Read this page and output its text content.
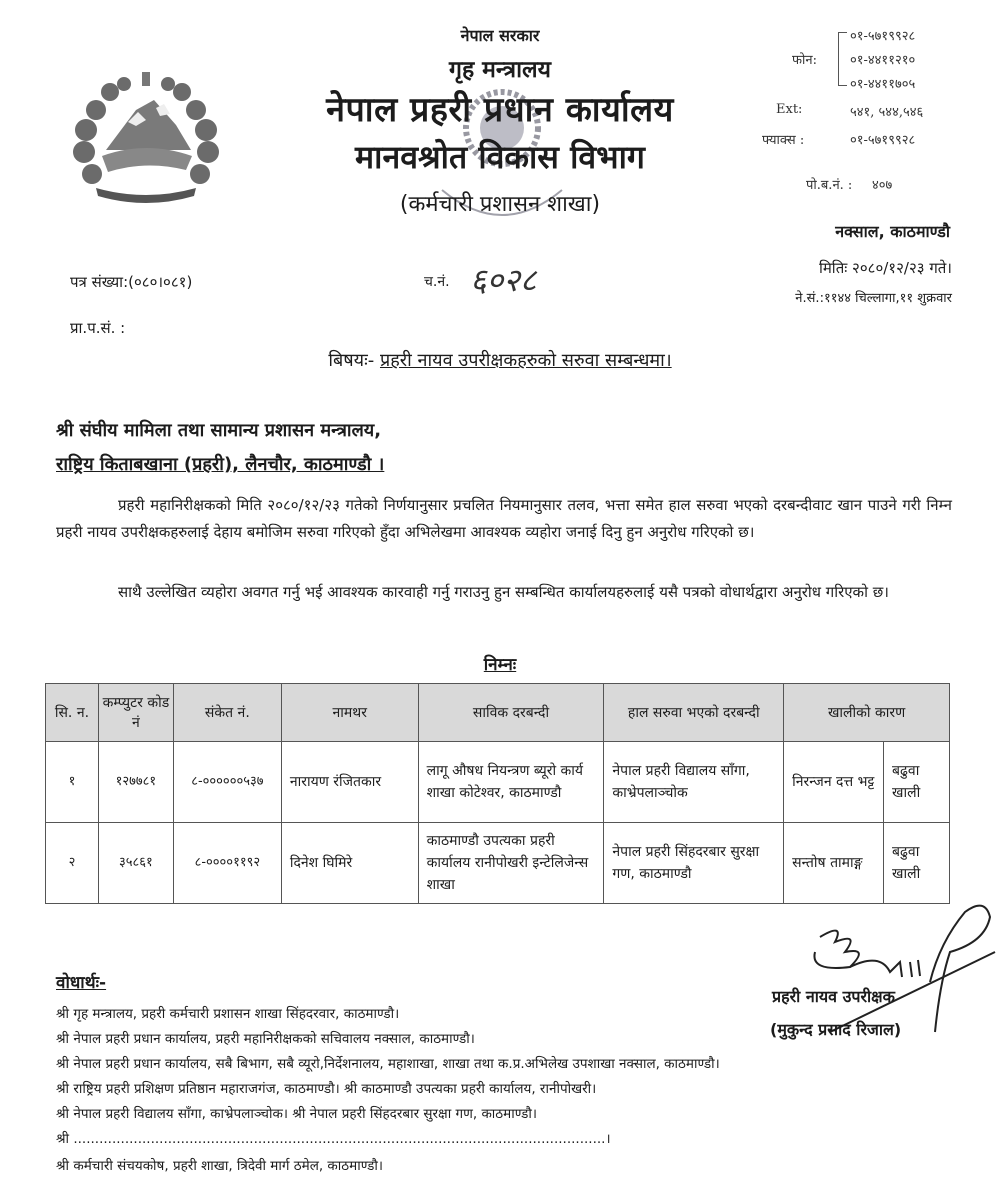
नेपाल सरकार
गृह मन्त्रालय
नेपाल प्रहरी प्रधान कार्यालय
मानवश्रोत विकास विभाग
(कर्मचारी प्रशासन शाखा)
फोन:
०१-५७१९९२८
०१-४४११२१०
०१-४४११७०५
Ext:	५४१, ५४४,५४६
फ्याक्स :	०१-५७१९९२८
पो.ब.नं. : ४०७
नक्साल, काठमाण्डौ
मितिः २०८०/१२/२३ गते।
ने.सं.:११४४ चिल्लागा,११ शुक्रवार
पत्र संख्या:(०८०।०८१)	च.नं. ६०२८
प्रा.प.सं. :
बिषयः- प्रहरी नायव उपरीक्षकहरुको सरुवा सम्बन्धमा।
श्री संघीय मामिला तथा सामान्य प्रशासन मन्त्रालय,
राष्ट्रिय किताबखाना (प्रहरी), लैनचौर, काठमाण्डौ ।
प्रहरी महानिरीक्षकको मिति २०८०/१२/२३ गतेको निर्णयानुसार प्रचलित नियमानुसार तलव, भत्ता समेत हाल सरुवा भएको दरबन्दीवाट खान पाउने गरी निम्न प्रहरी नायव उपरीक्षकहरुलाई देहाय बमोजिम सरुवा गरिएको हुँदा अभिलेखमा आवश्यक व्यहोरा जनाई दिनु हुन अनुरोध गरिएको छ।
साथै उल्लेखित व्यहोरा अवगत गर्नु भई आवश्यक कारवाही गर्नु गराउनु हुन सम्बन्धित कार्यालयहरुलाई यसै पत्रको वोधार्थद्वारा अनुरोध गरिएको छ।
निम्नः
सि. न.	कम्प्युटर कोड नं	संकेत नं.	नामथर	साविक दरबन्दी	हाल सरुवा भएको दरबन्दी	खालीको कारण	
१	१२७७८१	८-००००००५३७	नारायण रंजितकार	लागू औषध नियन्त्रण ब्यूरो कार्य शाखा कोटेश्वर, काठमाण्डौ	नेपाल प्रहरी विद्यालय साँगा, काभ्रेपलाञ्चोक	निरन्जन दत्त भट्ट	बढुवा खाली
२	३५८६१	८-००००११९२	दिनेश घिमिरे	काठमाण्डौ उपत्यका प्रहरी कार्यालय रानीपोखरी इन्टेलिजेन्स शाखा	नेपाल प्रहरी सिंहदरबार सुरक्षा गण, काठमाण्डौ	सन्तोष तामाङ्ग	बढुवा खाली
प्रहरी नायव उपरीक्षक
(मुकुन्द प्रसाद रिजाल)
वोधार्थः-
श्री गृह मन्त्रालय, प्रहरी कर्मचारी प्रशासन शाखा सिंहदरवार, काठमाण्डौ।
श्री नेपाल प्रहरी प्रधान कार्यालय, प्रहरी महानिरीक्षकको सचिवालय नक्साल, काठमाण्डौ।
श्री नेपाल प्रहरी प्रधान कार्यालय, सबै बिभाग, सबै व्यूरो,निर्देशनालय, महाशाखा, शाखा तथा क.प्र.अभिलेख उपशाखा नक्साल, काठमाण्डौ।
श्री राष्ट्रिय प्रहरी प्रशिक्षण प्रतिष्ठान महाराजगंज, काठमाण्डौ। श्री काठमाण्डौ उपत्यका प्रहरी कार्यालय, रानीपोखरी।
श्री नेपाल प्रहरी विद्यालय साँगा, काभ्रेपलाञ्चोक। श्री नेपाल प्रहरी सिंहदरबार सुरक्षा गण, काठमाण्डौ।
श्री ............................................................................................................................।
श्री कर्मचारी संचयकोष, प्रहरी शाखा, त्रिदेवी मार्ग ठमेल, काठमाण्डौ।
